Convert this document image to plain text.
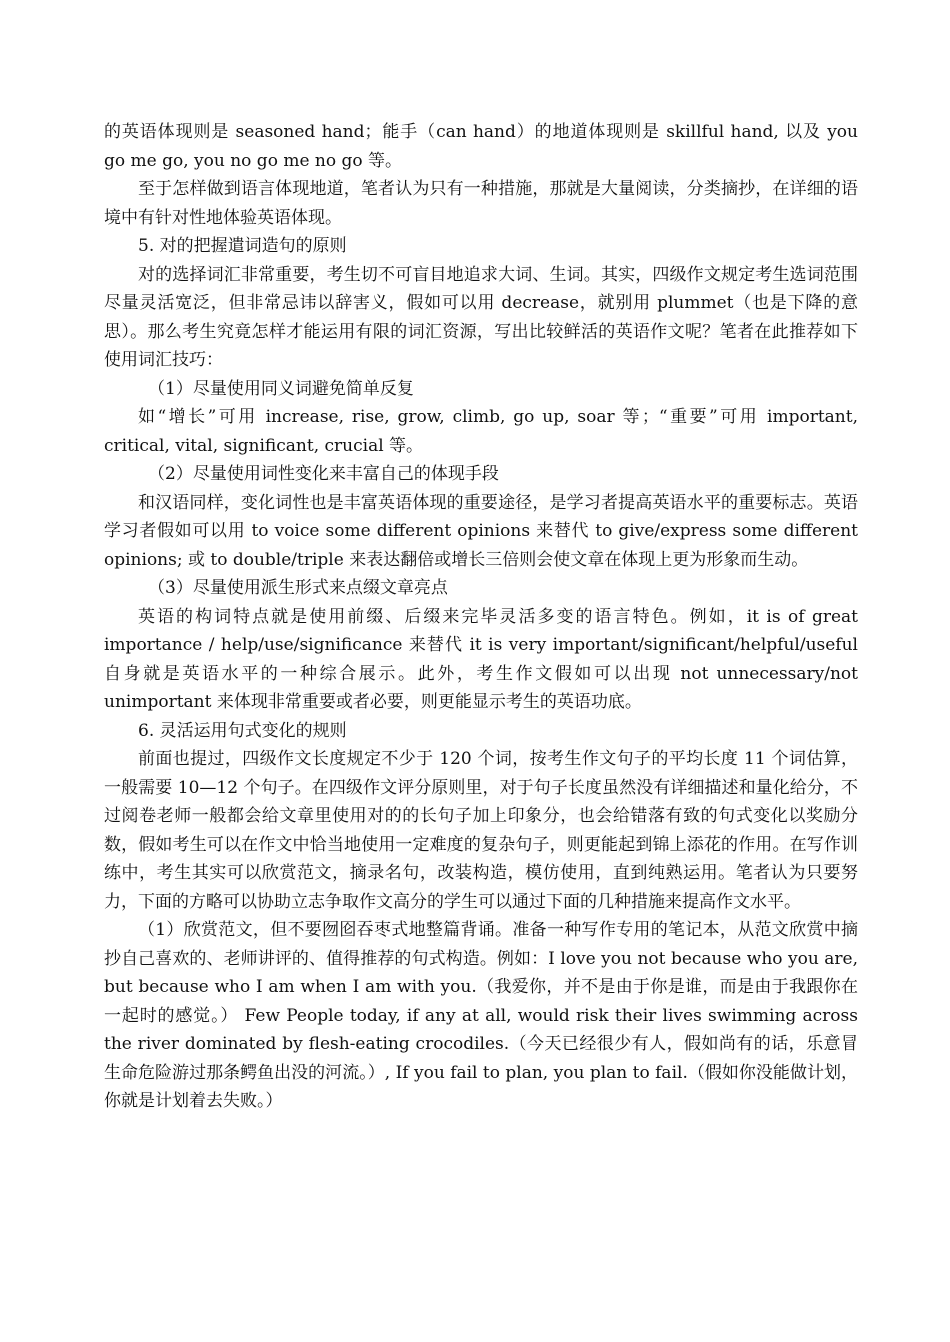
的英语体现则是 seasoned hand；能手（can hand）的地道体现则是 skillful hand, 以及 you go me go, you no go me no go 等。

至于怎样做到语言体现地道，笔者认为只有一种措施，那就是大量阅读，分类摘抄，在详细的语境中有针对性地体验英语体现。

5. 对的把握遣词造句的原则

对的选择词汇非常重要，考生切不可盲目地追求大词、生词。其实，四级作文规定考生选词范围尽量灵活宽泛，但非常忌讳以辞害义，假如可以用 decrease，就别用 plummet（也是下降的意思）。那么考生究竟怎样才能运用有限的词汇资源，写出比较鲜活的英语作文呢？笔者在此推荐如下使用词汇技巧：

（1）尽量使用同义词避免简单反复

如“增长”可用 increase, rise, grow, climb, go up, soar 等；“重要”可用 important, critical, vital, significant, crucial 等。

（2）尽量使用词性变化来丰富自己的体现手段

和汉语同样，变化词性也是丰富英语体现的重要途径，是学习者提高英语水平的重要标志。英语学习者假如可以用 to voice some different opinions 来替代 to give/express some different opinions; 或 to double/triple 来表达翻倍或增长三倍则会使文章在体现上更为形象而生动。

（3）尽量使用派生形式来点缀文章亮点

英语的构词特点就是使用前缀、后缀来完毕灵活多变的语言特色。例如，it is of great importance / help/use/significance 来替代 it is very important/significant/helpful/useful 自身就是英语水平的一种综合展示。此外，考生作文假如可以出现 not unnecessary/not unimportant 来体现非常重要或者必要，则更能显示考生的英语功底。

6. 灵活运用句式变化的规则

前面也提过，四级作文长度规定不少于 120 个词，按考生作文句子的平均长度 11 个词估算，一般需要 10—12 个句子。在四级作文评分原则里，对于句子长度虽然没有详细描述和量化给分，不过阅卷老师一般都会给文章里使用对的的长句子加上印象分，也会给错落有致的句式变化以奖励分数，假如考生可以在作文中恰当地使用一定难度的复杂句子，则更能起到锦上添花的作用。在写作训练中，考生其实可以欣赏范文，摘录名句，改装构造，模仿使用，直到纯熟运用。笔者认为只要努力，下面的方略可以协助立志争取作文高分的学生可以通过下面的几种措施来提高作文水平。

（1）欣赏范文，但不要囫囵吞枣式地整篇背诵。准备一种写作专用的笔记本，从范文欣赏中摘抄自己喜欢的、老师讲评的、值得推荐的句式构造。例如：I love you not because who you are, but because who I am when I am with you.（我爱你，并不是由于你是谁，而是由于我跟你在一起时的感觉。） Few People today, if any at all, would risk their lives swimming across the river dominated by flesh-eating crocodiles.（今天已经很少有人，假如尚有的话，乐意冒生命危险游过那条鳄鱼出没的河流。）, If you fail to plan, you plan to fail.（假如你没能做计划，你就是计划着去失败。）
